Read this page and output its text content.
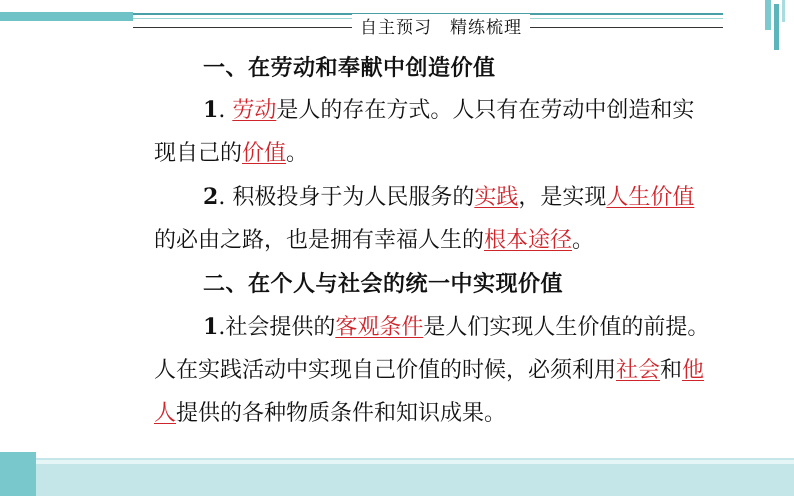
自主预习 精练梳理
一、在劳动和奉献中创造价值
1. 劳动是人的存在方式。人只有在劳动中创造和实
现自己的价值。
2. 积极投身于为人民服务的实践，是实现人生价值
的必由之路，也是拥有幸福人生的根本途径。
二、在个人与社会的统一中实现价值
1.社会提供的客观条件是人们实现人生价值的前提。
人在实践活动中实现自己价值的时候，必须利用社会和他
人提供的各种物质条件和知识成果。
